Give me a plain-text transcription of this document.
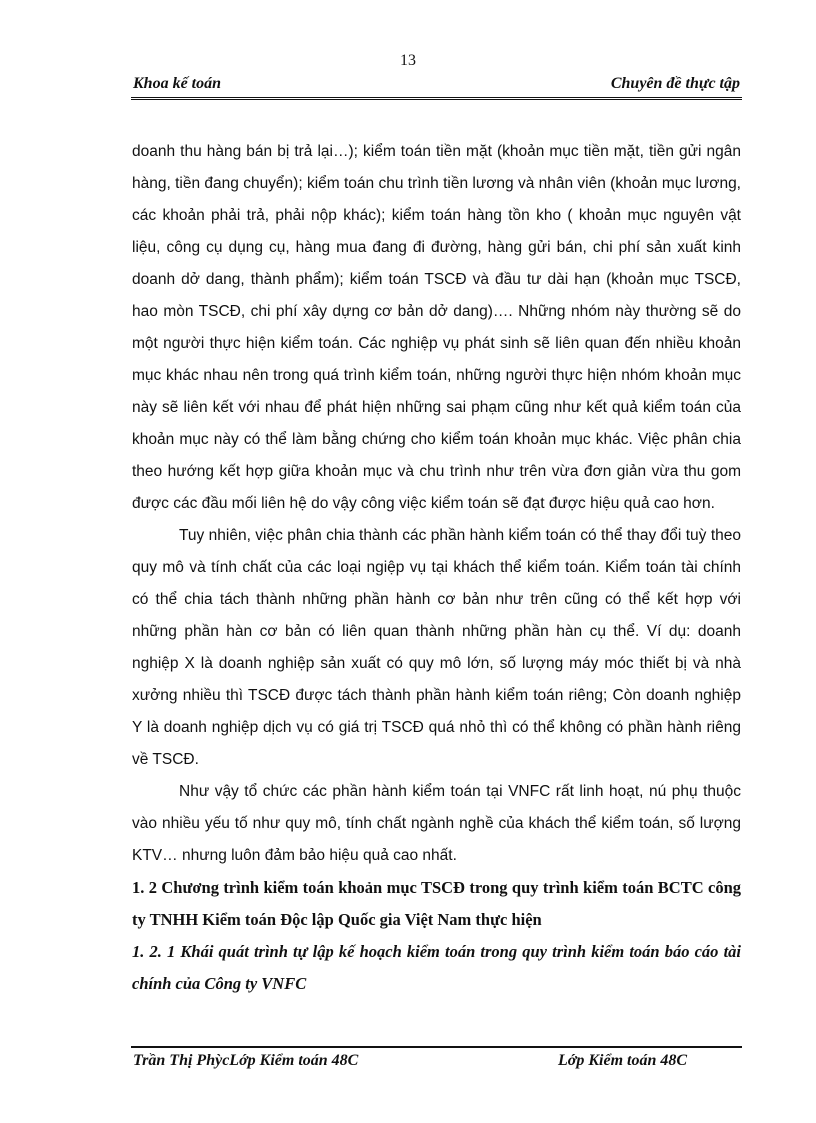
13
Khoa kế toán	Chuyên đề thực tập

doanh thu hàng bán bị trả lại…); kiểm toán tiền mặt (khoản mục tiền mặt, tiền gửi ngân hàng, tiền đang chuyển); kiểm toán chu trình tiền lương và nhân viên (khoản mục lương, các khoản phải trả, phải nộp khác); kiểm toán hàng tồn kho ( khoản mục nguyên vật liệu, công cụ dụng cụ, hàng mua đang đi đường, hàng gửi bán, chi phí sản xuất kinh doanh dở dang, thành phẩm); kiểm toán TSCĐ và đầu tư dài hạn (khoản mục TSCĐ, hao mòn TSCĐ, chi phí xây dựng cơ bản dở dang)…. Những nhóm này thường sẽ do một người thực hiện kiểm toán. Các nghiệp vụ phát sinh sẽ liên quan đến nhiều khoản mục khác nhau nên trong quá trình kiểm toán, những người thực hiện nhóm khoản mục này sẽ liên kết với nhau để phát hiện những sai phạm cũng như kết quả kiểm toán của khoản mục này có thể làm bằng chứng cho kiểm toán khoản mục khác. Việc phân chia theo hướng kết hợp giữa khoản mục và chu trình như trên vừa đơn giản vừa thu gom được các đầu mối liên hệ do vậy công việc kiểm toán sẽ đạt được hiệu quả cao hơn.

Tuy nhiên, việc phân chia thành các phần hành kiểm toán có thể thay đổi tuỳ theo quy mô và tính chất của các loại ngiệp vụ tại khách thể kiểm toán. Kiểm toán tài chính có thể chia tách thành những phần hành cơ bản như trên cũng có thể kết hợp với những phần hàn cơ bản có liên quan thành những phần hàn cụ thể. Ví dụ: doanh nghiệp X là doanh nghiệp sản xuất có quy mô lớn, số lượng máy móc thiết bị và nhà xưởng nhiều thì TSCĐ được tách thành phần hành kiểm toán riêng; Còn doanh nghiệp Y là doanh nghiệp dịch vụ có giá trị TSCĐ quá nhỏ thì có thể không có phần hành riêng về TSCĐ.

Như vậy tổ chức các phần hành kiểm toán tại VNFC rất linh hoạt, nú phụ thuộc vào nhiều yếu tố như quy mô, tính chất ngành nghề của khách thể kiểm toán, số lượng KTV… nhưng luôn đảm bảo hiệu quả cao nhất.

1. 2 Chương trình kiểm toán khoản mục TSCĐ trong quy trình kiểm toán BCTC công ty TNHH Kiểm toán Độc lập Quốc gia Việt Nam thực hiện

1. 2. 1 Khái quát trình tự lập kế hoạch kiểm toán trong quy trình kiểm toán báo cáo tài chính của Công ty VNFC

Trần Thị PhỳcLớp Kiểm toán 48C	Lớp Kiểm toán 48C
